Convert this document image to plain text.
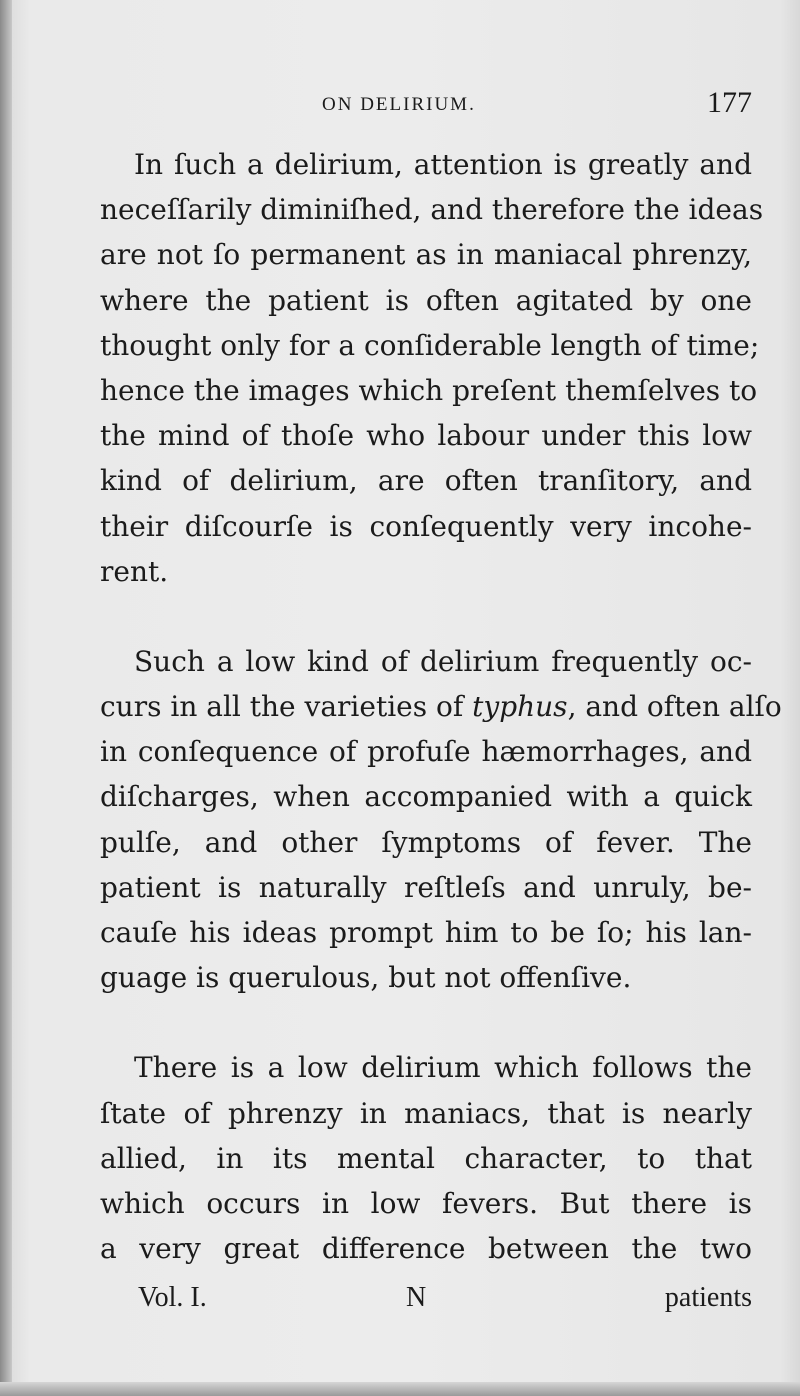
ON DELIRIUM.	177
In ſuch a delirium, attention is greatly and
neceſſarily diminiſhed, and therefore the ideas
are not ſo permanent as in maniacal phrenzy,
where the patient is often agitated by one
thought only for a conſiderable length of time;
hence the images which preſent themſelves to
the mind of thoſe who labour under this low
kind of delirium, are often tranſitory, and
their diſcourſe is conſequently very incohe-
rent.
Such a low kind of delirium frequently oc-
curs in all the varieties of typhus, and often alſo
in conſequence of profuſe hæmorrhages, and
diſcharges, when accompanied with a quick
pulſe, and other ſymptoms of fever. The
patient is naturally reſtleſs and unruly, be-
cauſe his ideas prompt him to be ſo; his lan-
guage is querulous, but not offenſive.
There is a low delirium which follows the
ſtate of phrenzy in maniacs, that is nearly
allied, in its mental character, to that
which occurs in low fevers. But there is
a very great difference between the two
Vol. I.	N	patients
